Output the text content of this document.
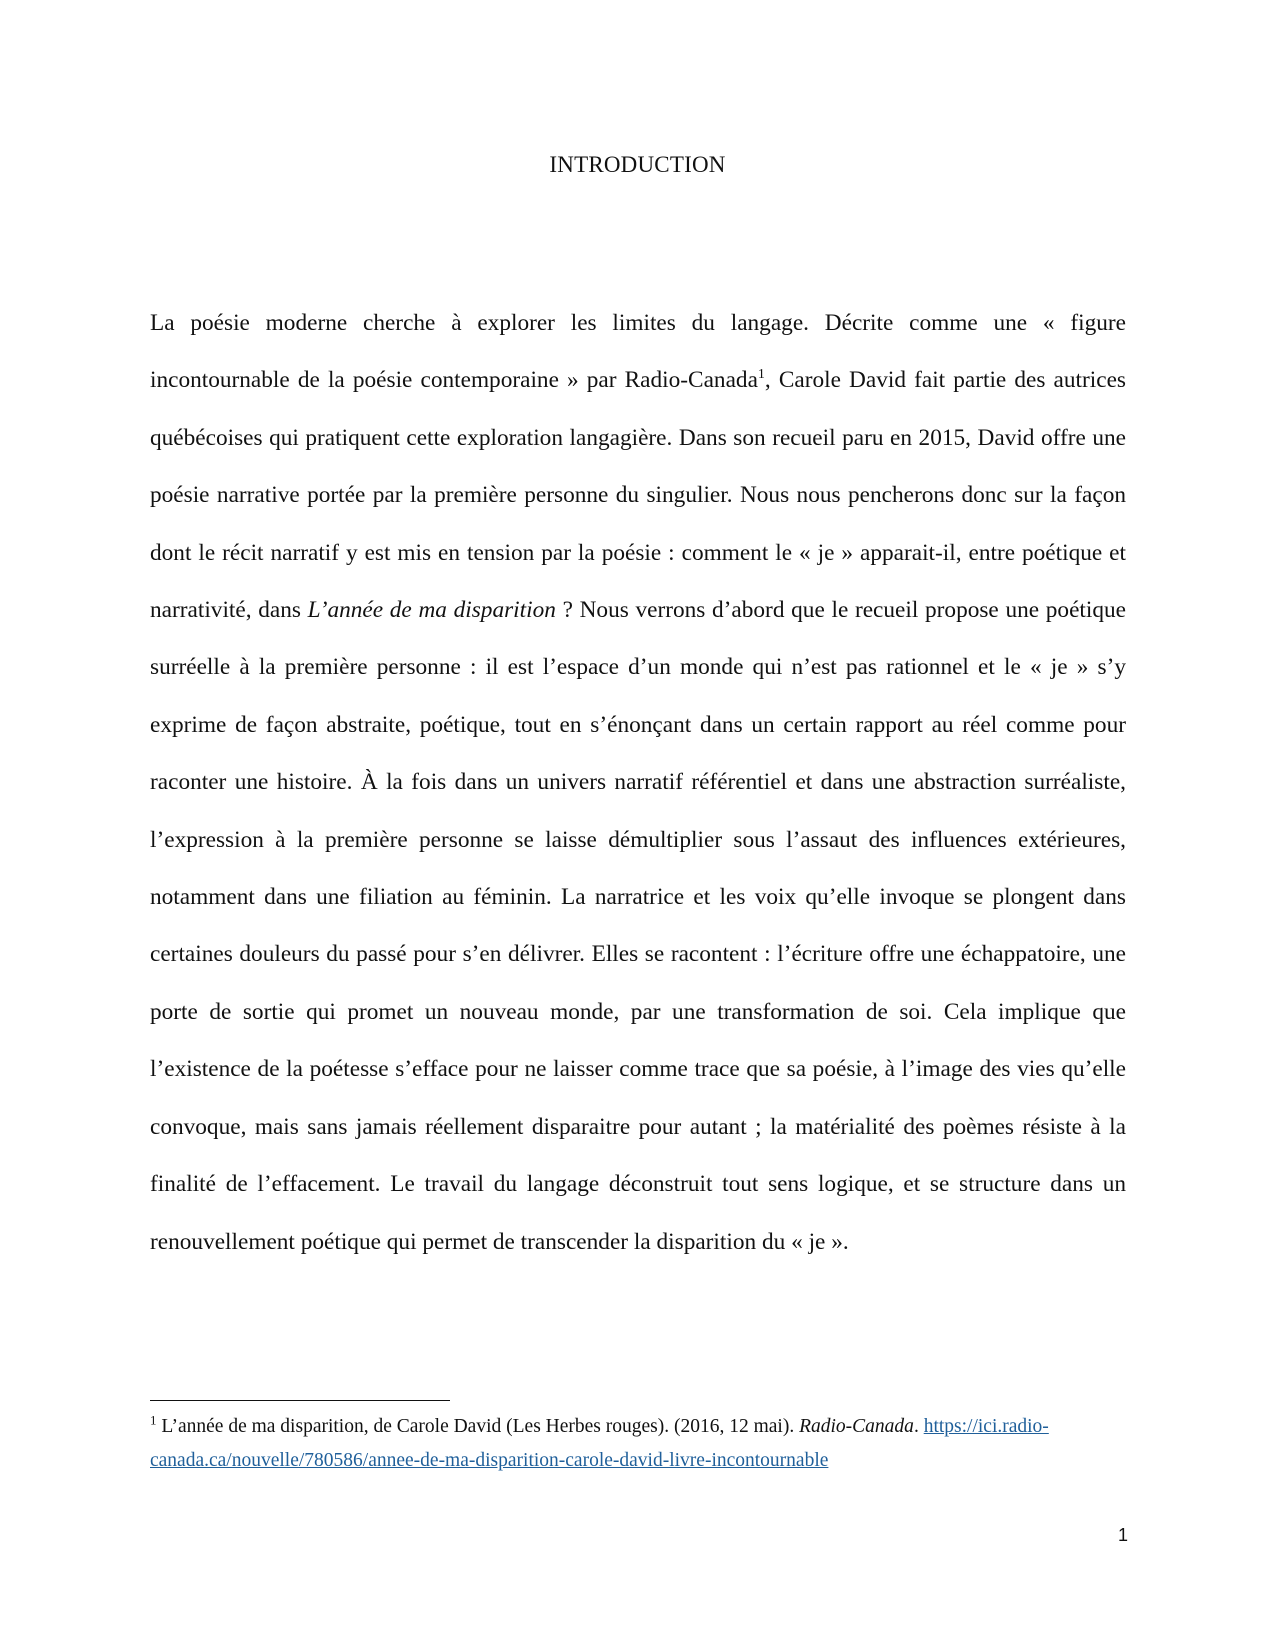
INTRODUCTION

La poésie moderne cherche à explorer les limites du langage. Décrite comme une « figure incontournable de la poésie contemporaine » par Radio-Canada$^1$, Carole David fait partie des autrices québécoises qui pratiquent cette exploration langagière. Dans son recueil paru en 2015, David offre une poésie narrative portée par la première personne du singulier. Nous nous pencherons donc sur la façon dont le récit narratif y est mis en tension par la poésie : comment le « je » apparait-il, entre poétique et narrativité, dans L’année de ma disparition ? Nous verrons d’abord que le recueil propose une poétique surréelle à la première personne : il est l’espace d’un monde qui n’est pas rationnel et le « je » s’y exprime de façon abstraite, poétique, tout en s’énonçant dans un certain rapport au réel comme pour raconter une histoire. À la fois dans un univers narratif référentiel et dans une abstraction surréaliste, l’expression à la première personne se laisse démultiplier sous l’assaut des influences extérieures, notamment dans une filiation au féminin. La narratrice et les voix qu’elle invoque se plongent dans certaines douleurs du passé pour s’en délivrer. Elles se racontent : l’écriture offre une échappatoire, une porte de sortie qui promet un nouveau monde, par une transformation de soi. Cela implique que l’existence de la poétesse s’efface pour ne laisser comme trace que sa poésie, à l’image des vies qu’elle convoque, mais sans jamais réellement disparaitre pour autant ; la matérialité des poèmes résiste à la finalité de l’effacement. Le travail du langage déconstruit tout sens logique, et se structure dans un renouvellement poétique qui permet de transcender la disparition du « je ».

$^1$ L’année de ma disparition, de Carole David (Les Herbes rouges). (2016, 12 mai). Radio-Canada. https://ici.radio-canada.ca/nouvelle/780586/annee-de-ma-disparition-carole-david-livre-incontournable

1
